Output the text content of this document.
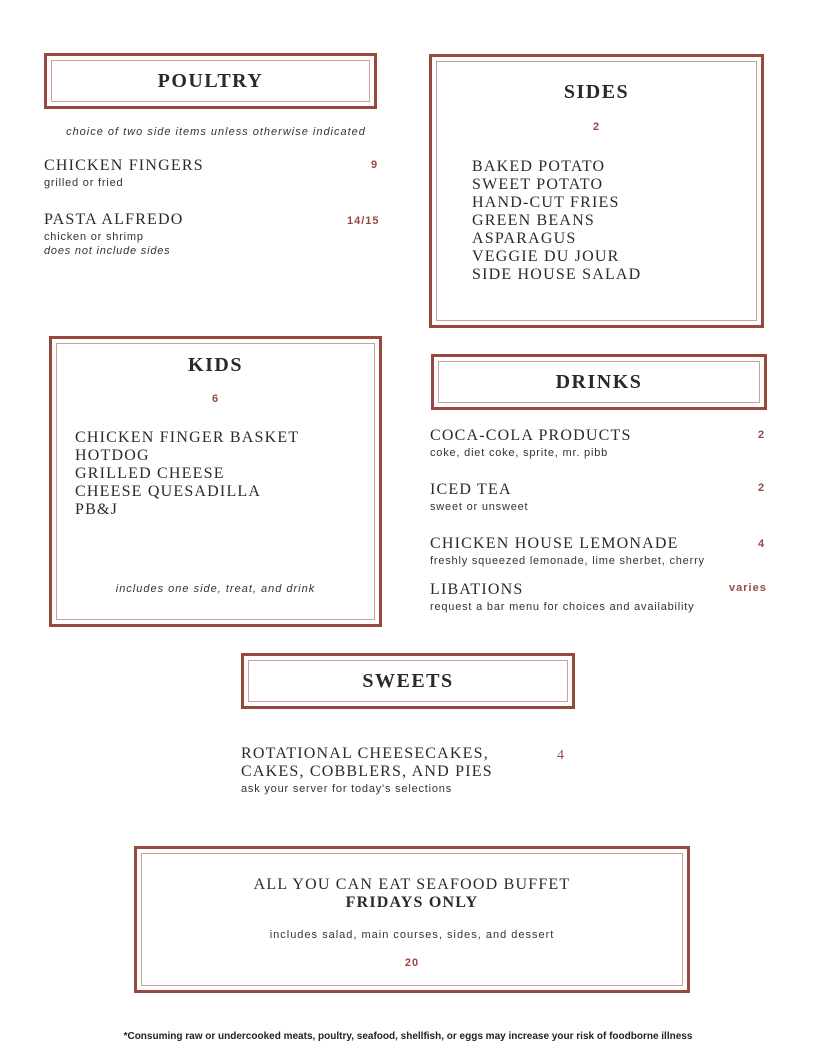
POULTRY
choice of two side items unless otherwise indicated
CHICKEN FINGERS	9
grilled or fried
PASTA ALFREDO	14/15
chicken or shrimp
does not include sides
SIDES
2
BAKED POTATO
SWEET POTATO
HAND-CUT FRIES
GREEN BEANS
ASPARAGUS
VEGGIE DU JOUR
SIDE HOUSE SALAD
KIDS
6
CHICKEN FINGER BASKET
HOTDOG
GRILLED CHEESE
CHEESE QUESADILLA
PB&J
includes one side, treat, and drink
DRINKS
COCA-COLA PRODUCTS	2
coke, diet coke, sprite, mr. pibb
ICED TEA	2
sweet or unsweet
CHICKEN HOUSE LEMONADE	4
freshly squeezed lemonade, lime sherbet, cherry
LIBATIONS	varies
request a bar menu for choices and availability
SWEETS
ROTATIONAL CHEESECAKES,
CAKES, COBBLERS, AND PIES
4
ask your server for today's selections
ALL YOU CAN EAT SEAFOOD BUFFET
FRIDAYS ONLY
includes salad, main courses, sides, and dessert
20
*Consuming raw or undercooked meats, poultry, seafood, shellfish, or eggs may increase your risk of foodborne illness
